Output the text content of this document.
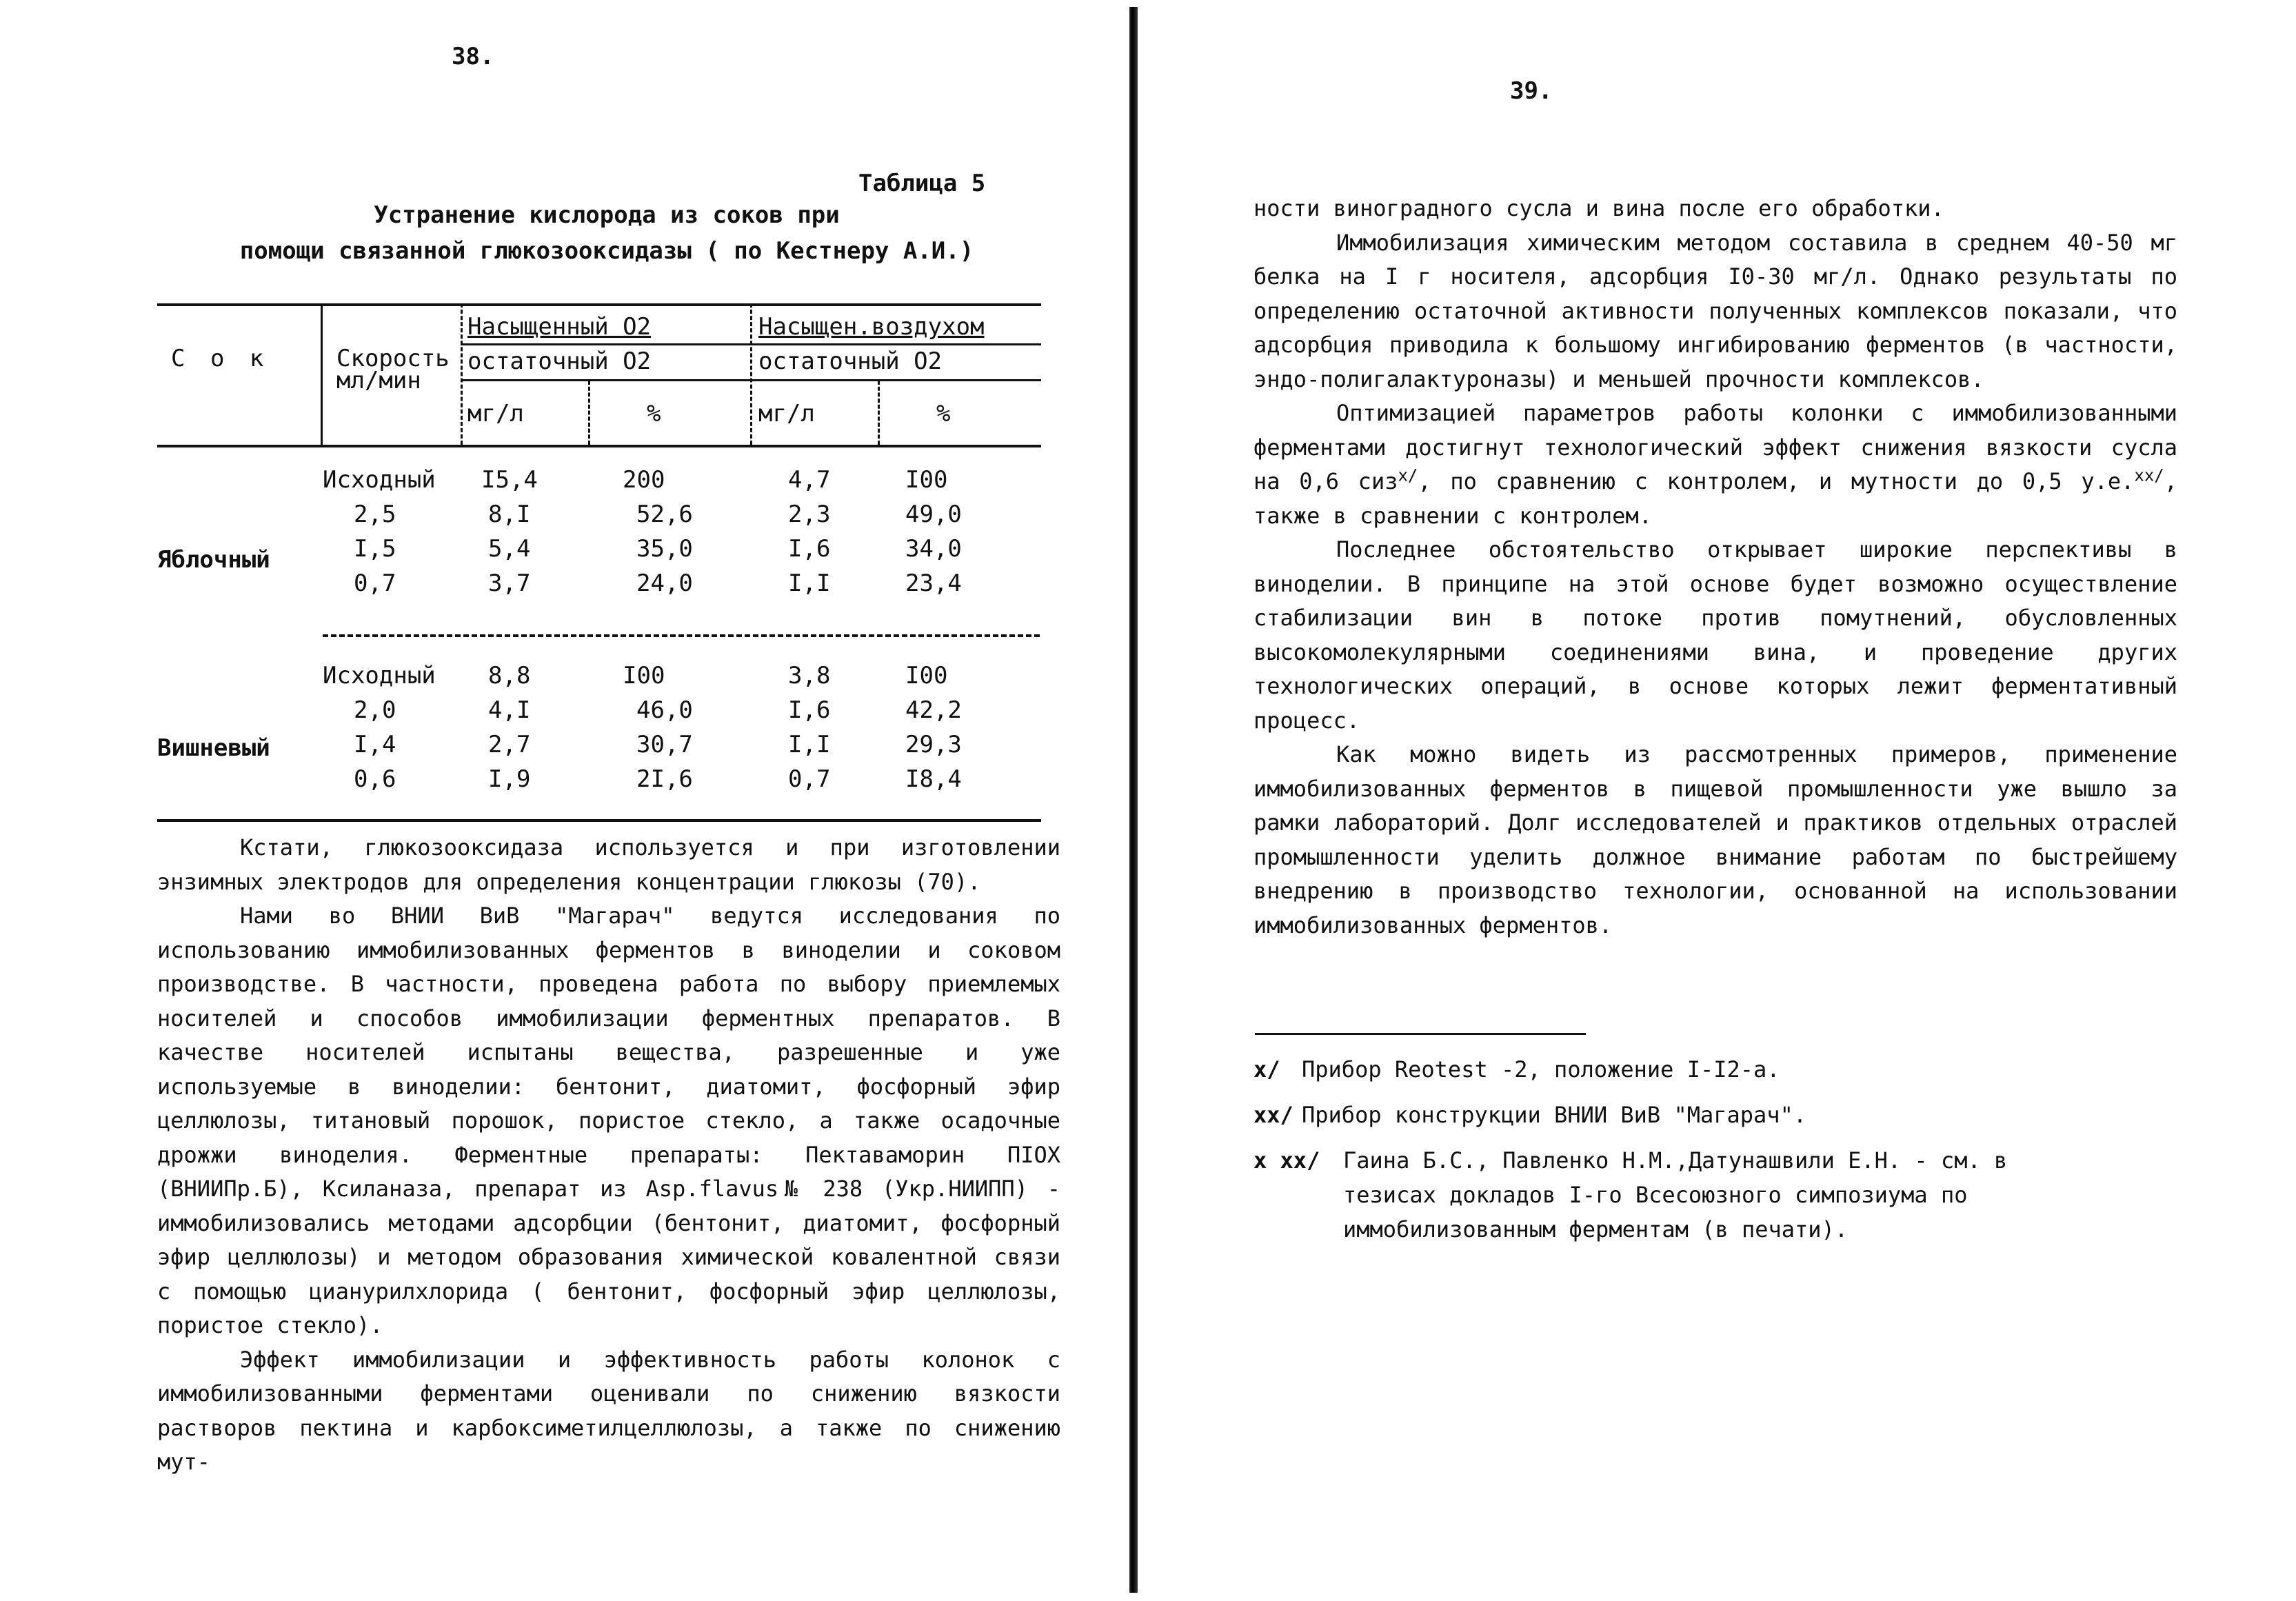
38.
Таблица 5
Устранение кислорода из соков при
помощи связанной глюкозооксидазы ( по Кестнеру А.И.)
С о к	Скорость
мл/мин
Насыщенный O2	Насыщен.воздухом
остаточный O2	остаточный O2
мг/л	%	мг/л	%
Яблочный
Исходный I5,4	200	4,7	I00
2,5	8,I	52,6	2,3	49,0
I,5	5,4	35,0	I,6	34,0
0,7	3,7	24,0	I,I	23,4
Вишневый
Исходный 8,8	I00	3,8	I00
2,0	4,I	46,0	I,6	42,2
I,4	2,7	30,7	I,I	29,3
0,6	I,9	2I,6	0,7	I8,4

Кстати, глюкозооксидаза используется и при изготовлении энзимных электродов для определения концентрации глюкозы (70).

Нами во ВНИИ ВиВ "Магарач" ведутся исследования по использованию иммобилизованных ферментов в виноделии и соковом производстве. В частности, проведена работа по выбору приемлемых носителей и способов иммобилизации ферментных препаратов. В качестве носителей испытаны вещества, разрешенные и уже используемые в виноделии: бентонит, диатомит, фосфорный эфир целлюлозы, титановый порошок, пористое стекло, а также осадочные дрожжи виноделия. Ферментные препараты: Пектаваморин ПIОХ (ВНИИПр.Б), Ксиланаза, препарат из Asp.flavus№ 238 (Укр.НИИПП) - иммобилизовались методами адсорбции (бентонит, диатомит, фосфорный эфир целлюлозы) и методом образования химической ковалентной связи с помощью циануpилхлорида ( бентонит, фосфорный эфир целлюлозы, пористое стекло).

Эффект иммобилизации и эффективность работы колонок с иммобилизованными ферментами оценивали по снижению вязкости растворов пектина и карбоксиметилцеллюлозы, а также по снижению мут-

39.

ности виноградного сусла и вина после его обработки.

Иммобилизация химическим методом составила в среднем 40-50 мг белка на I г носителя, адсорбция I0-30 мг/л. Однако результаты по определению остаточной активности полученных комплексов показали, что адсорбция приводила к большому ингибированию ферментов (в частности, эндо-полигалактуроназы) и меньшей прочности комплексов.

Оптимизацией параметров работы колонки с иммобилизованными ферментами достигнут технологический эффект снижения вязкости сусла на 0,6 сиз$^{x/}$, по сравнению с контролем, и мутности до 0,5 у.е.$^{xx/}$, также в сравнении с контролем.

Последнее обстоятельство открывает широкие перспективы в виноделии. В принципе на этой основе будет возможно осуществление стабилизации вин в потоке против помутнений, обусловленных высокомолекулярными соединениями вина, и проведение других технологических операций, в основе которых лежит ферментативный процесс.

Как можно видеть из рассмотренных примеров, применение иммобилизованных ферментов в пищевой промышленности уже вышло за рамки лабораторий. Долг исследователей и практиков отдельных отраслей промышленности уделить должное внимание работам по быстрейшему внедрению в производство технологии, основанной на использовании иммобилизованных ферментов.

x/ Прибор Reotest -2, положение I-I2-a.
xx/ Прибор конструкции ВНИИ ВиВ "Магарач".
x xx/ Гаина Б.С., Павленко Н.М.,Датунашвили Е.Н. - см. в
тезисах докладов I-го Всесоюзного симпозиума по
иммобилизованным ферментам (в печати).
